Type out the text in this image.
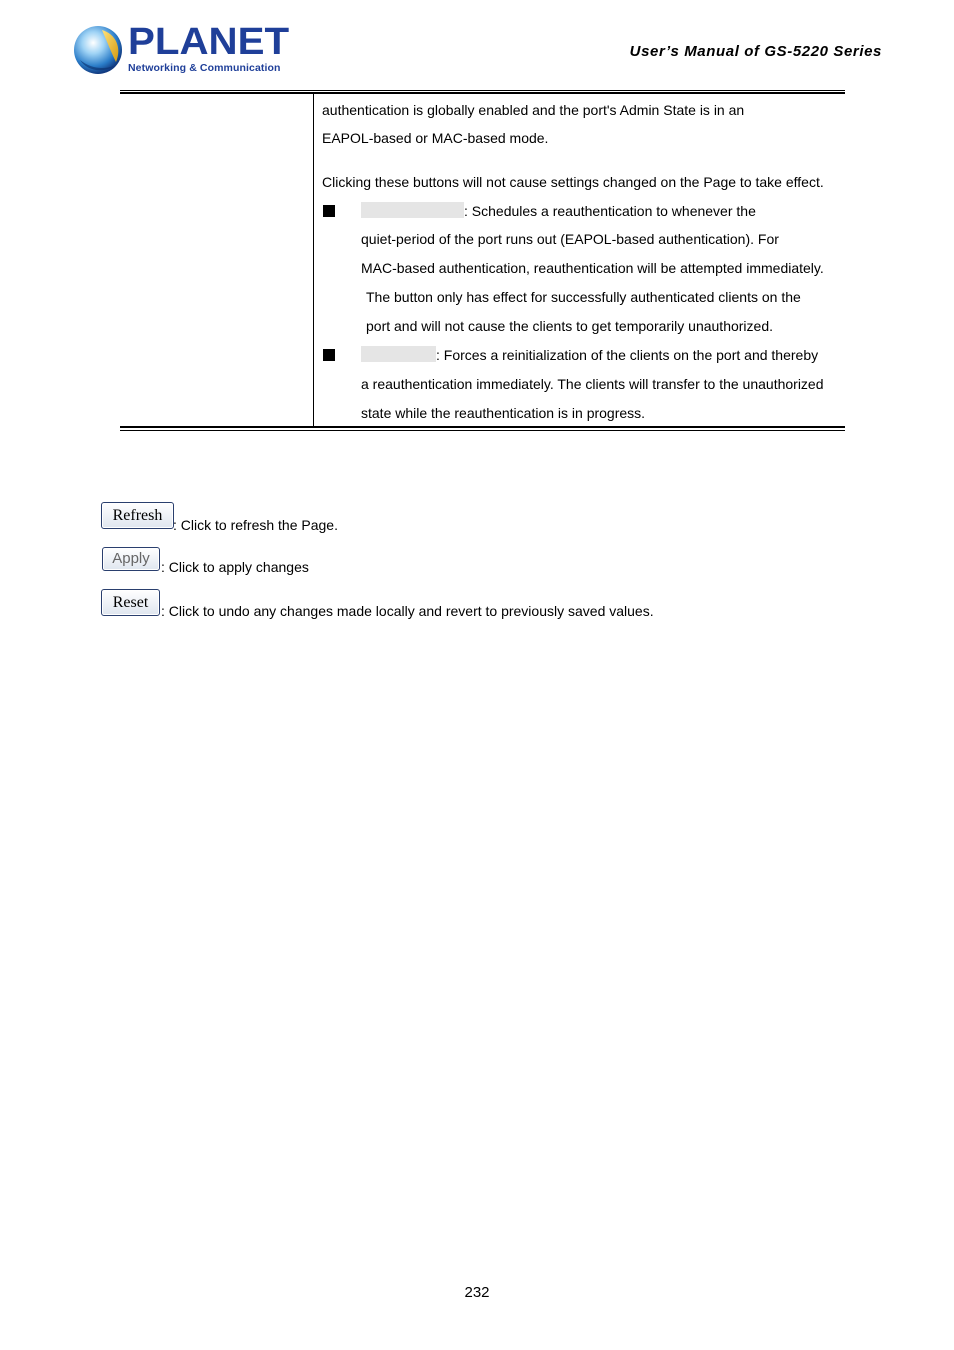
PLANET
Networking & Communication
User’s Manual of GS-5220 Series
authentication is globally enabled and the port's Admin State is in an
EAPOL-based or MAC-based mode.
Clicking these buttons will not cause settings changed on the Page to take effect.
: Schedules a reauthentication to whenever the
quiet-period of the port runs out (EAPOL-based authentication). For
MAC-based authentication, reauthentication will be attempted immediately.
The button only has effect for successfully authenticated clients on the
port and will not cause the clients to get temporarily unauthorized.
: Forces a reinitialization of the clients on the port and thereby
a reauthentication immediately. The clients will transfer to the unauthorized
state while the reauthentication is in progress.
Refresh
: Click to refresh the Page.
Apply : Click to apply changes
Reset
: Click to undo any changes made locally and revert to previously saved values.
232
